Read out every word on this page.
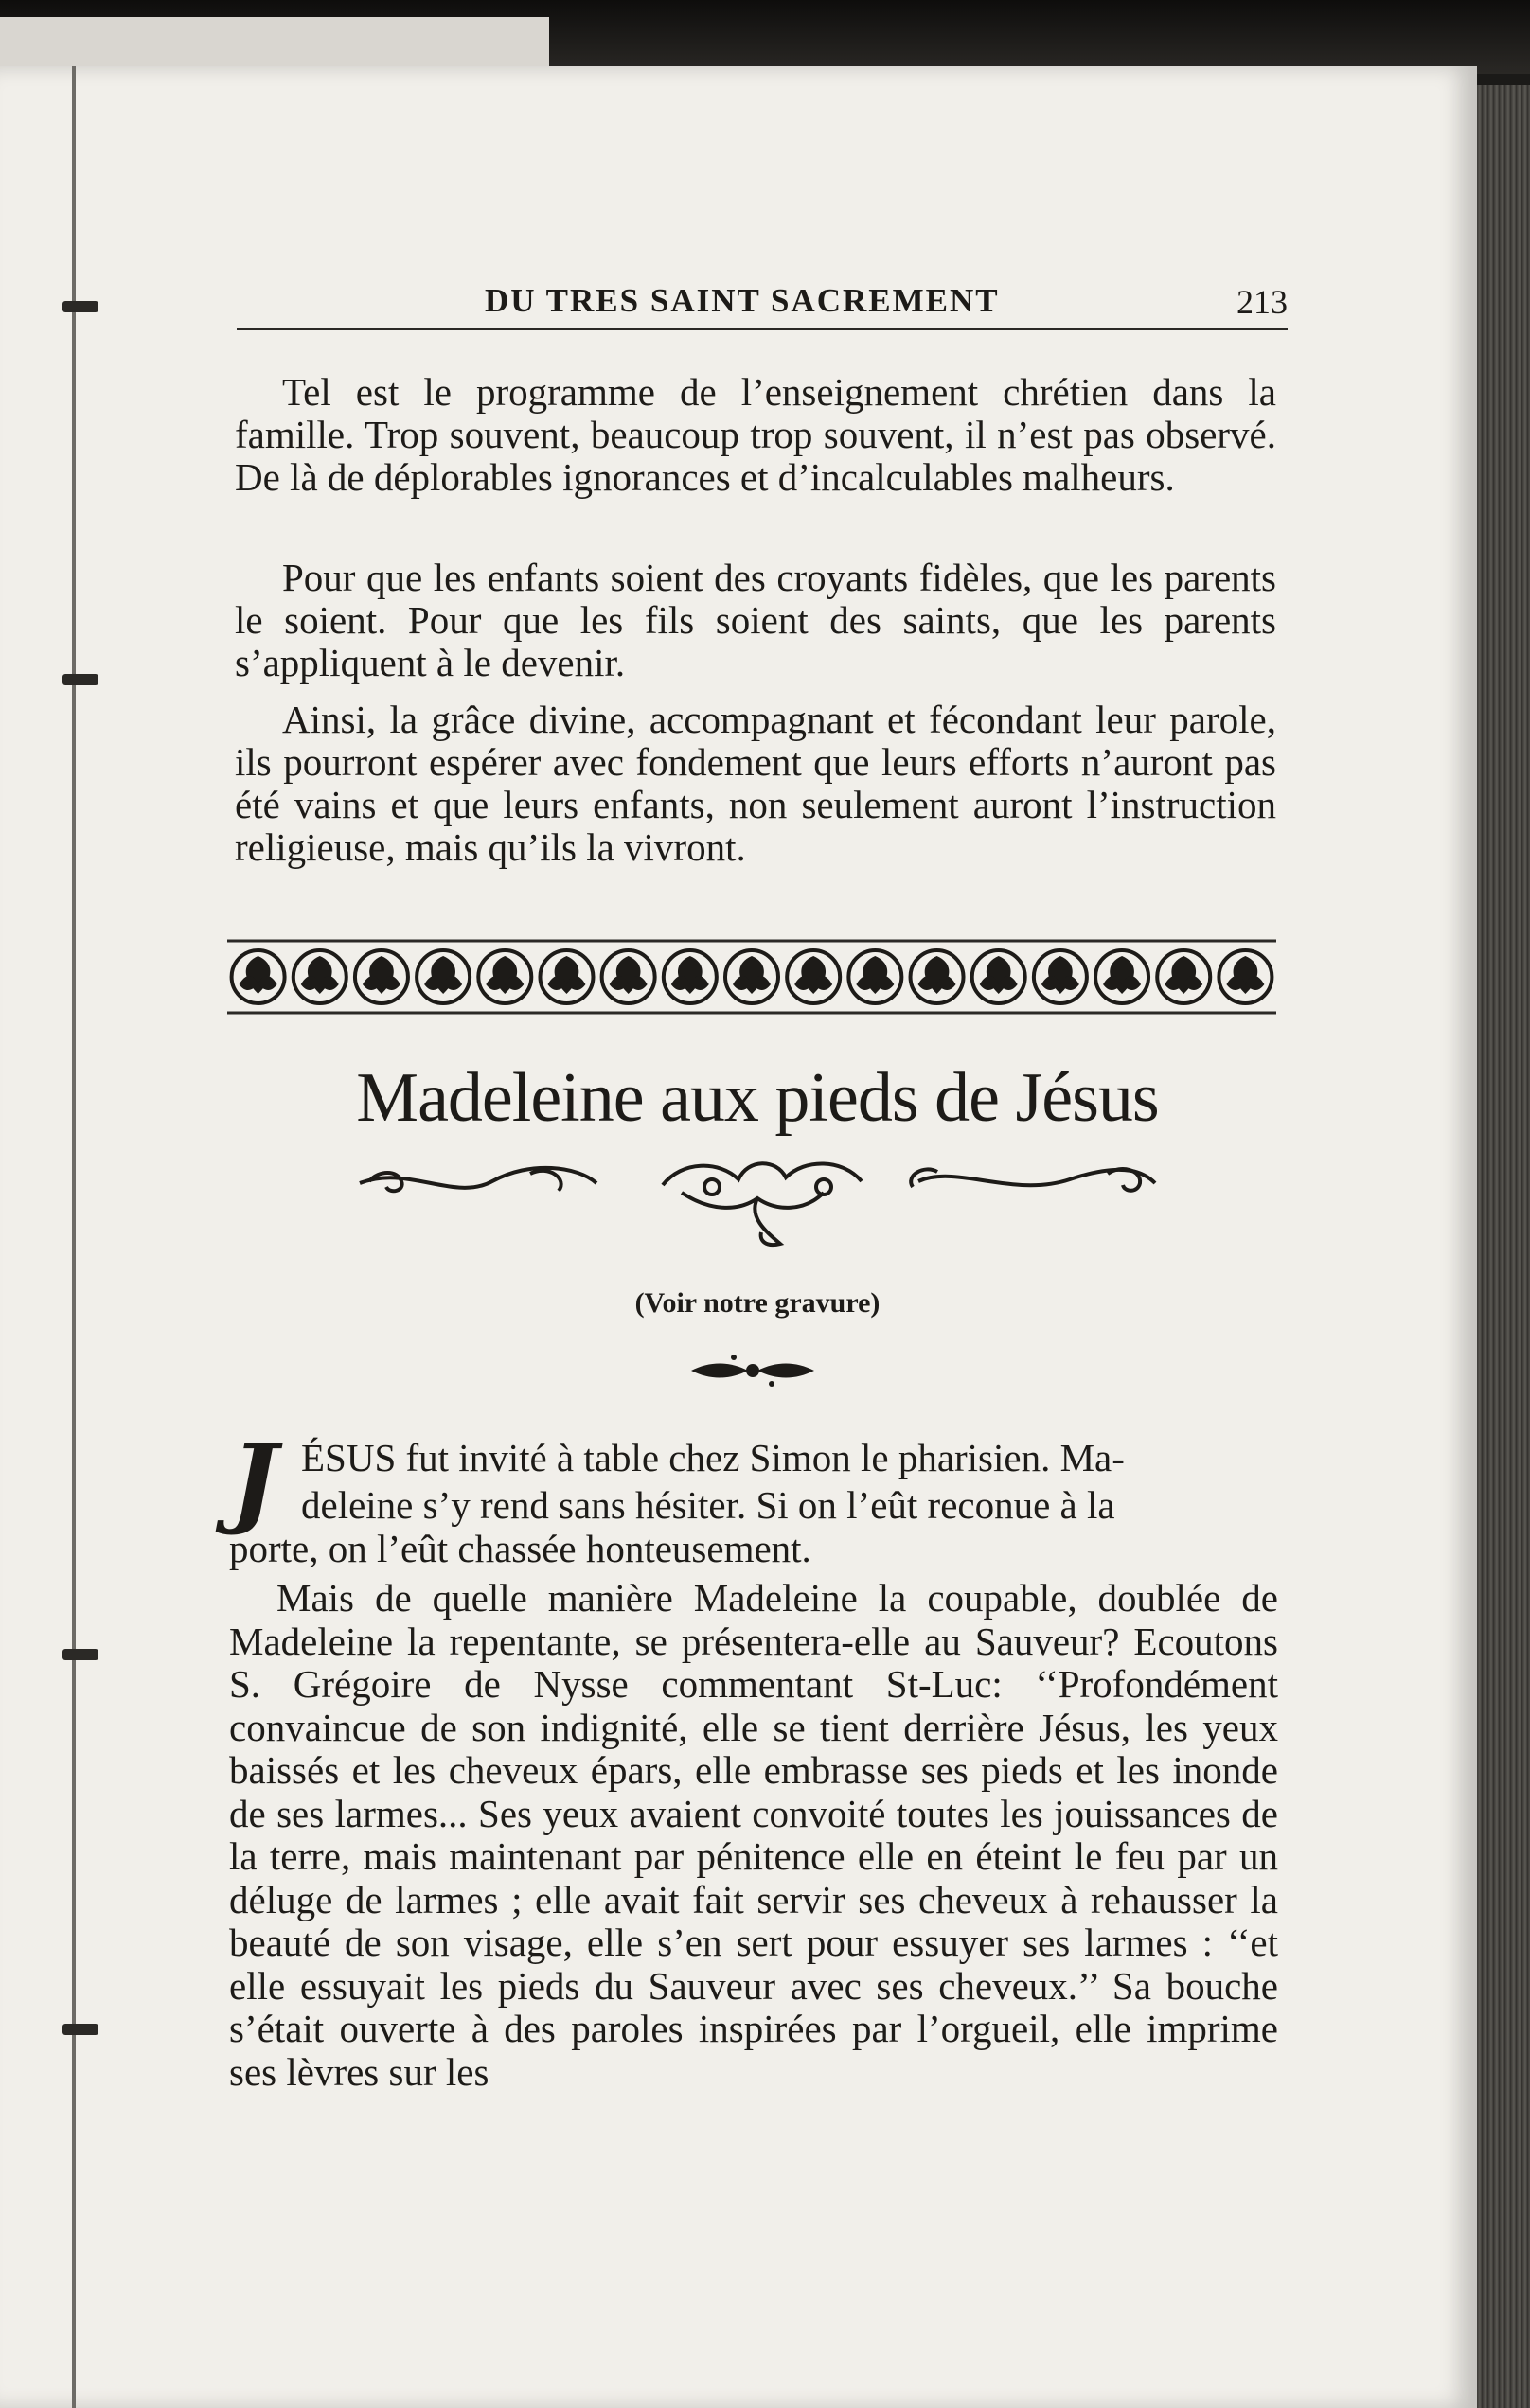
DU TRES SAINT SACREMENT	213

Tel est le programme de l’enseignement chrétien dans la famille. Trop souvent, beaucoup trop souvent, il n’est pas observé. De là de déplorables ignorances et d’incalculables malheurs.

Pour que les enfants soient des croyants fidèles, que les parents le soient. Pour que les fils soient des saints, que les parents s’appliquent à le devenir.

Ainsi, la grâce divine, accompagnant et fécondant leur parole, ils pourront espérer avec fondement que leurs efforts n’auront pas été vains et que leurs enfants, non seulement auront l’instruction religieuse, mais qu’ils la vivront.

Madeleine aux pieds de Jésus
(Voir notre gravure)
J ÉSUS fut invité à table chez Simon le pharisien. Ma-

deleine s’y rend sans hésiter. Si on l’eût reconue à la

porte, on l’eût chassée honteusement.

Mais de quelle manière Madeleine la coupable, doublée de Madeleine la repentante, se présentera-elle au Sauveur? Ecoutons S. Grégoire de Nysse commentant St-Luc: ‘‘Profondément convaincue de son indignité, elle se tient derrière Jésus, les yeux baissés et les cheveux épars, elle embrasse ses pieds et les inonde de ses larmes... Ses yeux avaient convoité toutes les jouissances de la terre, mais maintenant par pénitence elle en éteint le feu par un déluge de larmes ; elle avait fait servir ses cheveux à rehausser la beauté de son visage, elle s’en sert pour essuyer ses larmes : ‘‘et elle essuyait les pieds du Sauveur avec ses cheveux.’’ Sa bouche s’était ouverte à des paroles inspirées par l’orgueil, elle imprime ses lèvres sur les
